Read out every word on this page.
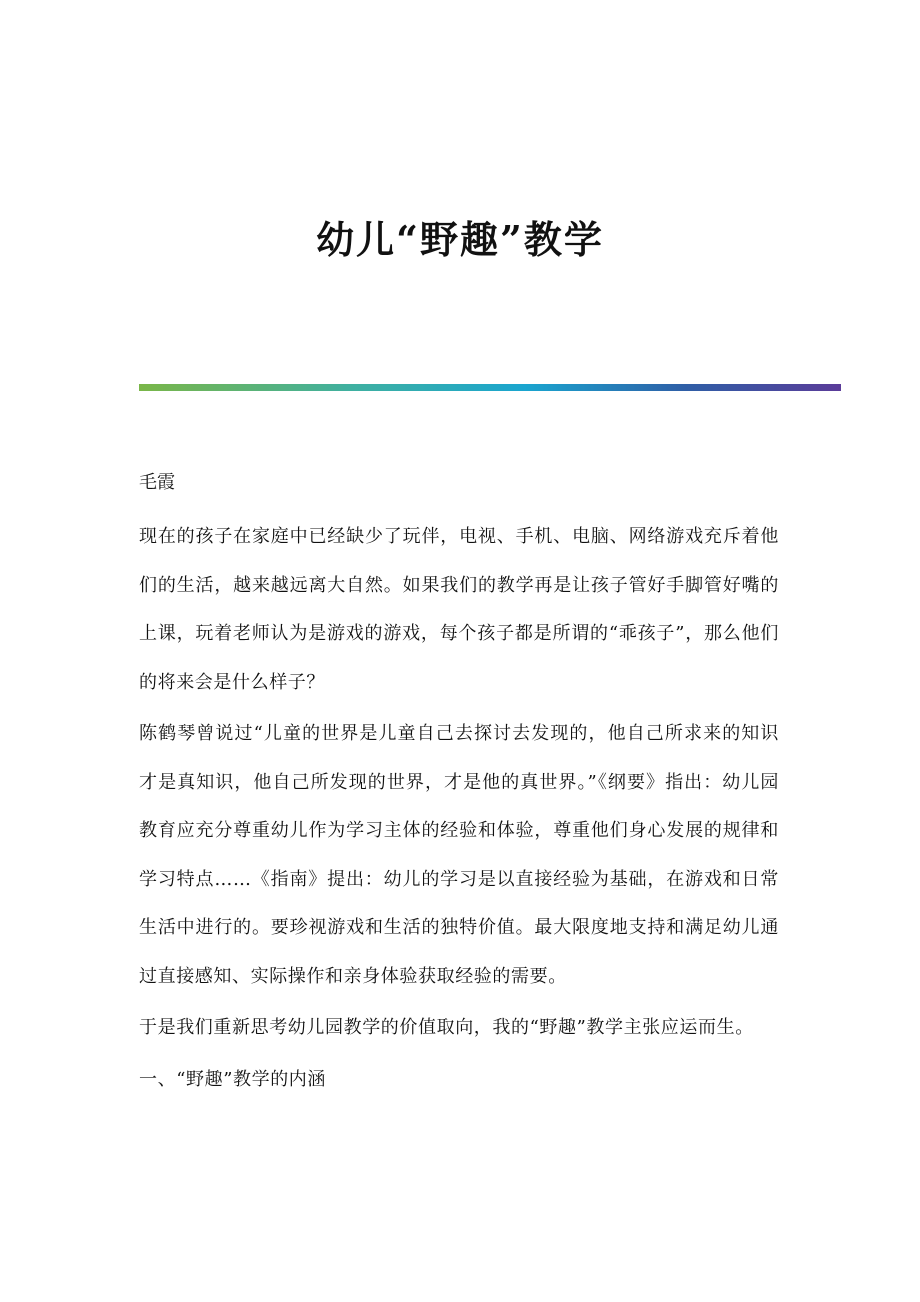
幼儿“野趣”教学

毛霞

现在的孩子在家庭中已经缺少了玩伴，电视、手机、电脑、网络游戏充斥着他们的生活，越来越远离大自然。如果我们的教学再是让孩子管好手脚管好嘴的上课，玩着老师认为是游戏的游戏，每个孩子都是所谓的“乖孩子”，那么他们的将来会是什么样子？

陈鹤琴曾说过“儿童的世界是儿童自己去探讨去发现的，他自己所求来的知识才是真知识，他自己所发现的世界，才是他的真世界。”《纲要》指出：幼儿园教育应充分尊重幼儿作为学习主体的经验和体验，尊重他们身心发展的规律和学习特点……《指南》提出：幼儿的学习是以直接经验为基础，在游戏和日常生活中进行的。要珍视游戏和生活的独特价值。最大限度地支持和满足幼儿通过直接感知、实际操作和亲身体验获取经验的需要。

于是我们重新思考幼儿园教学的价值取向，我的“野趣”教学主张应运而生。

一、“野趣”教学的内涵
